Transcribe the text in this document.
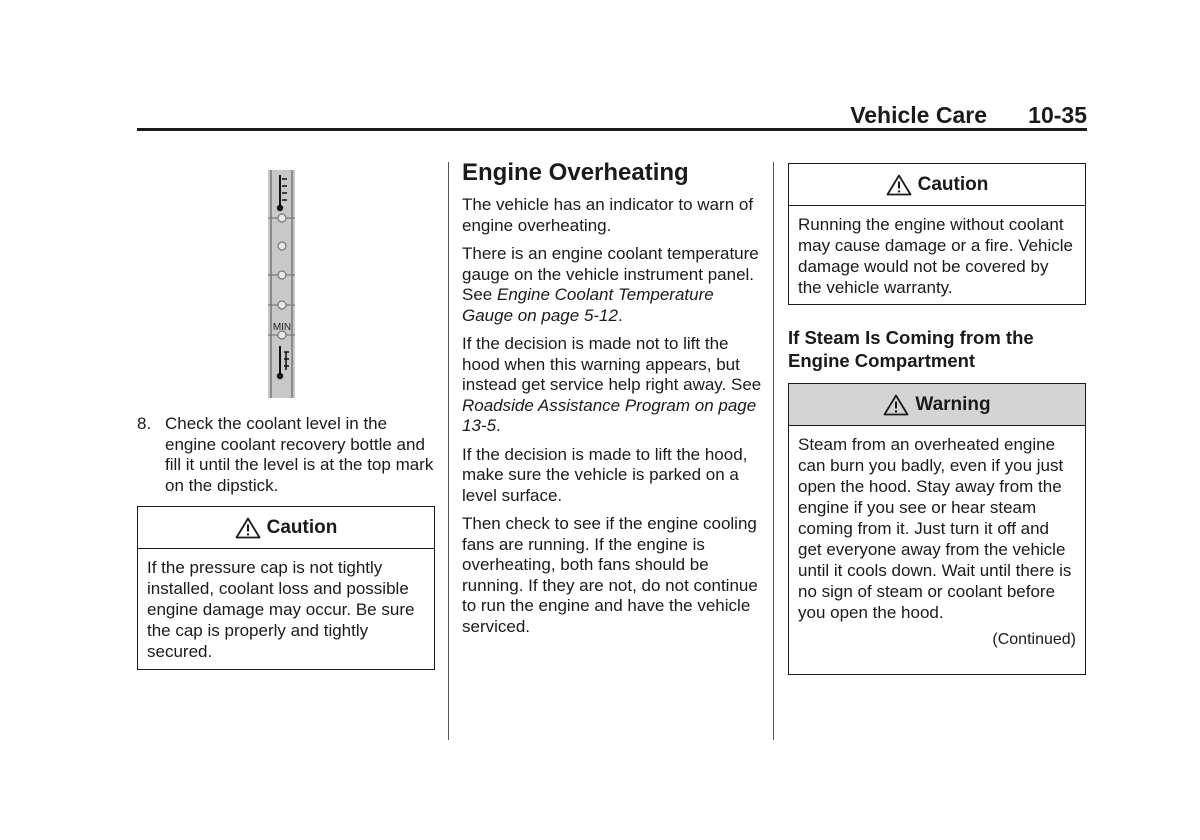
Vehicle Care 10-35
MIN
8. Check the coolant level in the engine coolant recovery bottle and fill it until the level is at the top mark on the dipstick.
Caution
If the pressure cap is not tightly installed, coolant loss and possible engine damage may occur. Be sure the cap is properly and tightly secured.
Engine Overheating

The vehicle has an indicator to warn of engine overheating.

There is an engine coolant temperature gauge on the vehicle instrument panel. See Engine Coolant Temperature Gauge on page 5-12.

If the decision is made not to lift the hood when this warning appears, but instead get service help right away. See Roadside Assistance Program on page 13-5.

If the decision is made to lift the hood, make sure the vehicle is parked on a level surface.

Then check to see if the engine cooling fans are running. If the engine is overheating, both fans should be running. If they are not, do not continue to run the engine and have the vehicle serviced.

Caution
Running the engine without coolant may cause damage or a fire. Vehicle damage would not be covered by the vehicle warranty.
If Steam Is Coming from the Engine Compartment
Warning
Steam from an overheated engine can burn you badly, even if you just open the hood. Stay away from the engine if you see or hear steam coming from it. Just turn it off and get everyone away from the vehicle until it cools down. Wait until there is no sign of steam or coolant before you open the hood.
(Continued)
